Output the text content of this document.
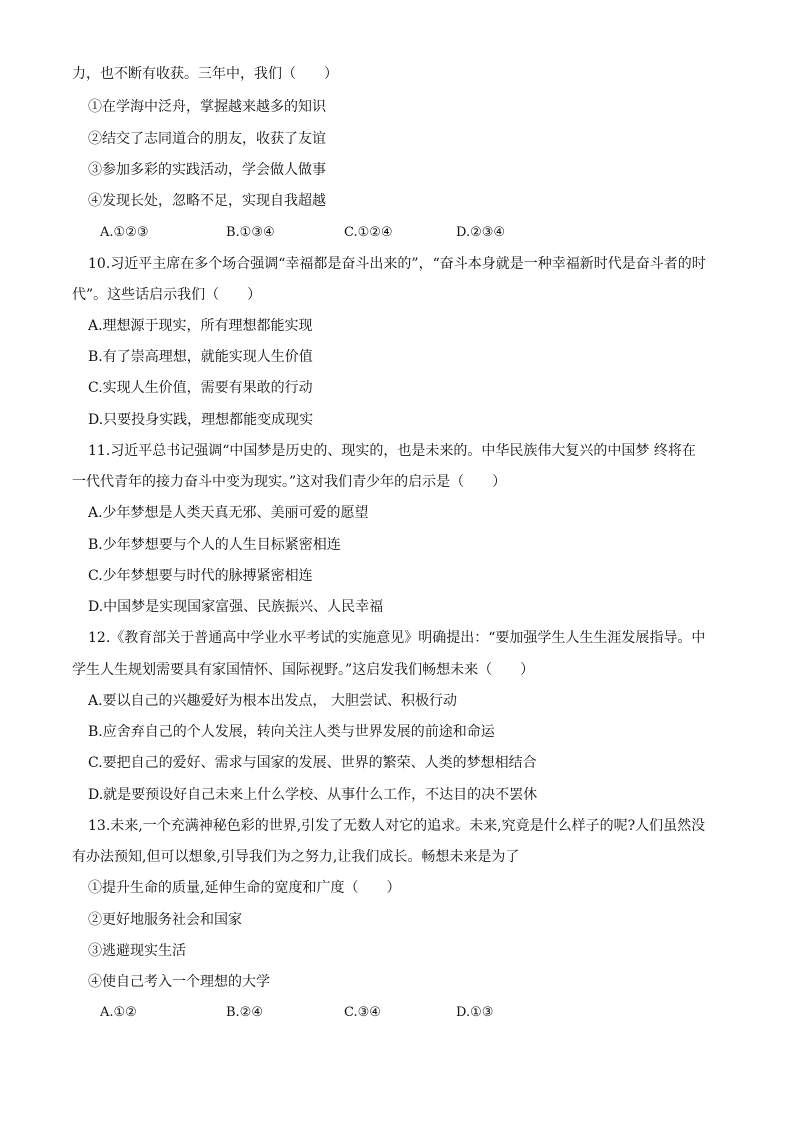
力，也不断有收获。三年中，我们（　　）
①在学海中泛舟，掌握越来越多的知识
②结交了志同道合的朋友，收获了友谊
③参加多彩的实践活动，学会做人做事
④发现长处，忽略不足，实现自我超越
A.①②③	B.①③④	C.①②④	D.②③④
10.习近平主席在多个场合强调“幸福都是奋斗出来的”，“奋斗本身就是一种幸福新时代是奋斗者的时
代”。这些话启示我们（　　）
A.理想源于现实，所有理想都能实现
B.有了崇高理想，就能实现人生价值
C.实现人生价值，需要有果敢的行动
D.只要投身实践，理想都能变成现实
11.习近平总书记强调“中国梦是历史的、现实的，也是未来的。中华民族伟大复兴的中国梦 终将在
一代代青年的接力奋斗中变为现实。”这对我们青少年的启示是（　　）
A.少年梦想是人类天真无邪、美丽可爱的愿望
B.少年梦想要与个人的人生目标紧密相连
C.少年梦想要与时代的脉搏紧密相连
D.中国梦是实现国家富强、民族振兴、人民幸福
12.《教育部关于普通高中学业水平考试的实施意见》明确提出：“要加强学生人生生涯发展指导。中
学生人生规划需要具有家国情怀、国际视野。”这启发我们畅想未来（　　）
A.要以自己的兴趣爱好为根本出发点， 大胆尝试、积极行动
B.应舍弃自己的个人发展，转向关注人类与世界发展的前途和命运
C.要把自己的爱好、需求与国家的发展、世界的繁荣、人类的梦想相结合
D.就是要预设好自己未来上什么学校、从事什么工作，不达目的决不罢休
13.未来,一个充满神秘色彩的世界,引发了无数人对它的追求。未来,究竟是什么样子的呢?人们虽然没
有办法预知,但可以想象,引导我们为之努力,让我们成长。畅想未来是为了
①提升生命的质量,延伸生命的宽度和广度（　　）
②更好地服务社会和国家
③逃避现实生活
④使自己考入一个理想的大学
A.①②	B.②④	C.③④	D.①③
